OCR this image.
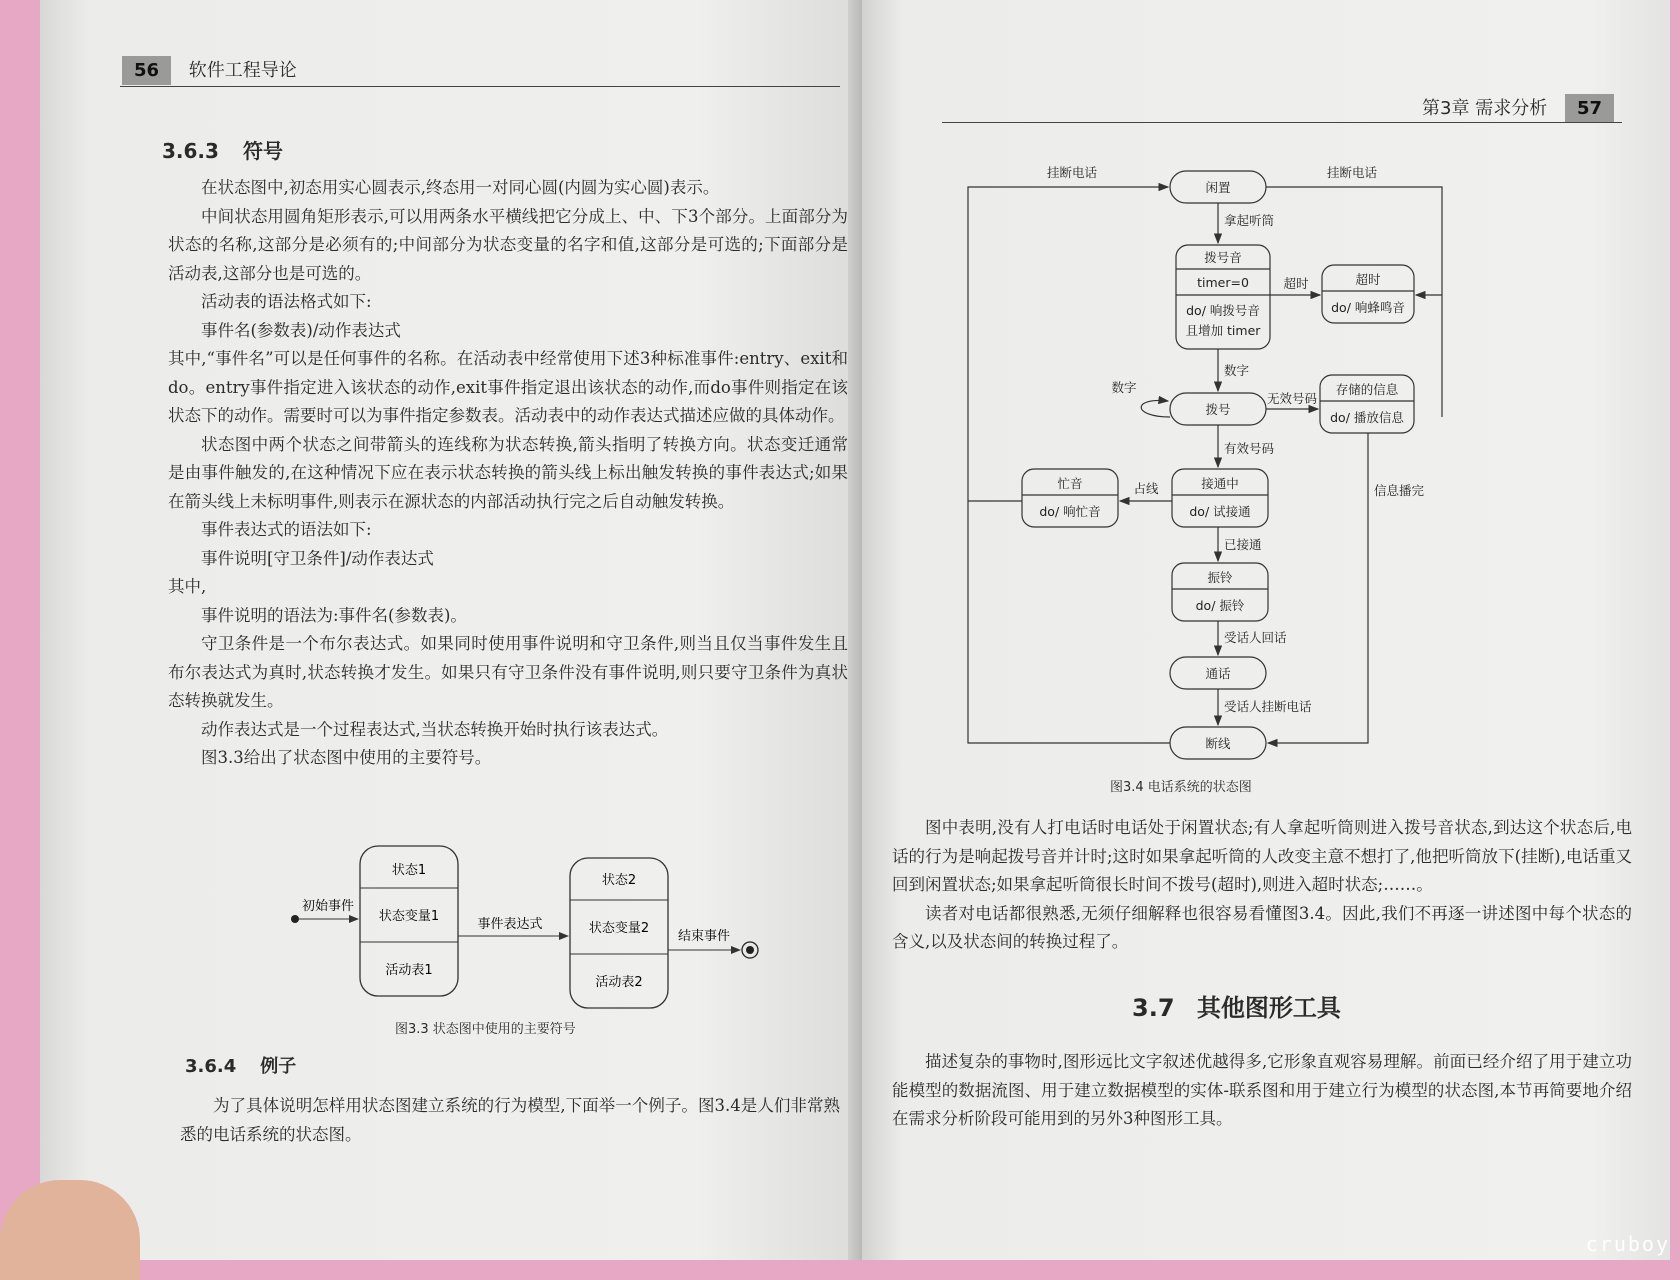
56 软件工程导论
3.6.3 符号

在状态图中,初态用实心圆表示,终态用一对同心圆(内圆为实心圆)表示。

中间状态用圆角矩形表示,可以用两条水平横线把它分成上、中、下3个部分。上面部分为状态的名称,这部分是必须有的;中间部分为状态变量的名字和值,这部分是可选的;下面部分是活动表,这部分也是可选的。

活动表的语法格式如下:

事件名(参数表)/动作表达式

其中,“事件名”可以是任何事件的名称。在活动表中经常使用下述3种标准事件:entry、exit和do。entry事件指定进入该状态的动作,exit事件指定退出该状态的动作,而do事件则指定在该状态下的动作。需要时可以为事件指定参数表。活动表中的动作表达式描述应做的具体动作。

状态图中两个状态之间带箭头的连线称为状态转换,箭头指明了转换方向。状态变迁通常是由事件触发的,在这种情况下应在表示状态转换的箭头线上标出触发转换的事件表达式;如果在箭头线上未标明事件,则表示在源状态的内部活动执行完之后自动触发转换。

事件表达式的语法如下:

事件说明[守卫条件]/动作表达式

其中,

事件说明的语法为:事件名(参数表)。

守卫条件是一个布尔表达式。如果同时使用事件说明和守卫条件,则当且仅当事件发生且布尔表达式为真时,状态转换才发生。如果只有守卫条件没有事件说明,则只要守卫条件为真状态转换就发生。

动作表达式是一个过程表达式,当状态转换开始时执行该表达式。

图3.3给出了状态图中使用的主要符号。

状态1
状态变量1
活动表1
状态2
状态变量2
活动表2
初始事件
事件表达式
结束事件
图3.3 状态图中使用的主要符号
3.6.4 例子

为了具体说明怎样用状态图建立系统的行为模型,下面举一个例子。图3.4是人们非常熟悉的电话系统的状态图。

第3章 需求分析 57
闲置
挂断电话	挂断电话
拿起听筒
拨号音
timer=0
do/ 响拨号音
且增加 timer
超时	超时
do/ 响蜂鸣音
数字
数字
拨号
无效号码
存储的信息
do/ 播放信息
有效号码
忙音
do/ 响忙音
占线	接通中
do/ 试接通
已接通
振铃
do/ 振铃
受话人回话
信息播完
通话
受话人挂断电话
断线
图3.4 电话系统的状态图

图中表明,没有人打电话时电话处于闲置状态;有人拿起听筒则进入拨号音状态,到达这个状态后,电话的行为是响起拨号音并计时;这时如果拿起听筒的人改变主意不想打了,他把听筒放下(挂断),电话重又回到闲置状态;如果拿起听筒很长时间不拨号(超时),则进入超时状态;……。

读者对电话都很熟悉,无须仔细解释也很容易看懂图3.4。因此,我们不再逐一讲述图中每个状态的含义,以及状态间的转换过程了。

3.7 其他图形工具

描述复杂的事物时,图形远比文字叙述优越得多,它形象直观容易理解。前面已经介绍了用于建立功能模型的数据流图、用于建立数据模型的实体-联系图和用于建立行为模型的状态图,本节再简要地介绍在需求分析阶段可能用到的另外3种图形工具。

cruboy
